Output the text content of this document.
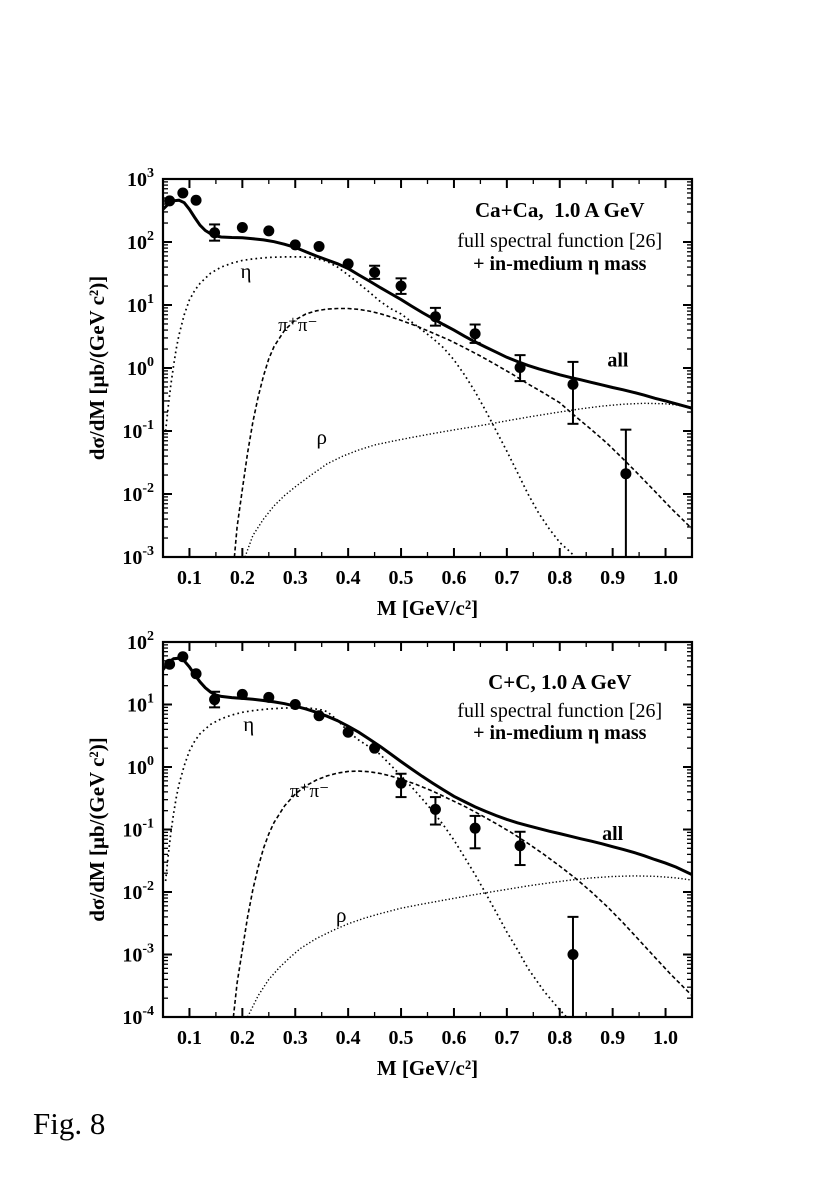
all
η
π⁺π⁻
ρ
Ca+Ca,  1.0 A GeV
full spectral function [26]
+ in-medium η mass
0.1 0.2 0.3 0.4 0.5 0.6 0.7 0.8 0.9 1.0
$10^3$
$10^2$
$10^1$
$10^0$
$10^{-1}$
$10^{-2}$
$10^{-3}$
M [GeV/c²]
dσ/dM [μb/(GeV c²)]
all
η
π⁺π⁻
ρ
C+C, 1.0 A GeV
full spectral function [26]
+ in-medium η mass
0.1 0.2 0.3 0.4 0.5 0.6 0.7 0.8 0.9 1.0
$10^2$
$10^1$
$10^0$
$10^{-1}$
$10^{-2}$
$10^{-3}$
$10^{-4}$
M [GeV/c²]
dσ/dM [μb/(GeV c²)]
Fig. 8
